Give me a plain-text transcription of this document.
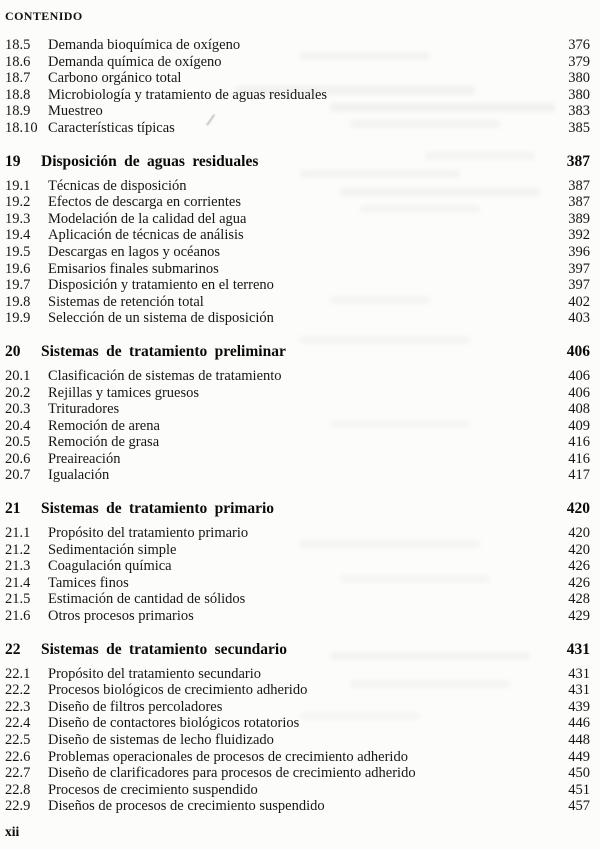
CONTENIDO
18.5	Demanda bioquímica de oxígeno	376
18.6	Demanda química de oxígeno	379
18.7	Carbono orgánico total	380
18.8	Microbiología y tratamiento de aguas residuales	380
18.9	Muestreo	383
18.10 Características típicas	385
19	Disposición de aguas residuales	387
19.1	Técnicas de disposición	387
19.2	Efectos de descarga en corrientes	387
19.3	Modelación de la calidad del agua	389
19.4	Aplicación de técnicas de análisis	392
19.5	Descargas en lagos y océanos	396
19.6	Emisarios finales submarinos	397
19.7	Disposición y tratamiento en el terreno	397
19.8	Sistemas de retención total	402
19.9	Selección de un sistema de disposición	403
20	Sistemas de tratamiento preliminar	406
20.1	Clasificación de sistemas de tratamiento	406
20.2	Rejillas y tamices gruesos	406
20.3	Trituradores	408
20.4	Remoción de arena	409
20.5	Remoción de grasa	416
20.6	Preaireación	416
20.7	Igualación	417
21	Sistemas de tratamiento primario	420
21.1	Propósito del tratamiento primario	420
21.2	Sedimentación simple	420
21.3	Coagulación química	426
21.4	Tamices finos	426
21.5	Estimación de cantidad de sólidos	428
21.6	Otros procesos primarios	429
22	Sistemas de tratamiento secundario	431
22.1	Propósito del tratamiento secundario	431
22.2	Procesos biológicos de crecimiento adherido	431
22.3	Diseño de filtros percoladores	439
22.4	Diseño de contactores biológicos rotatorios	446
22.5	Diseño de sistemas de lecho fluidizado	448
22.6	Problemas operacionales de procesos de crecimiento adherido	449
22.7	Diseño de clarificadores para procesos de crecimiento adherido	450
22.8	Procesos de crecimiento suspendido	451
22.9	Diseños de procesos de crecimiento suspendido	457
xii
